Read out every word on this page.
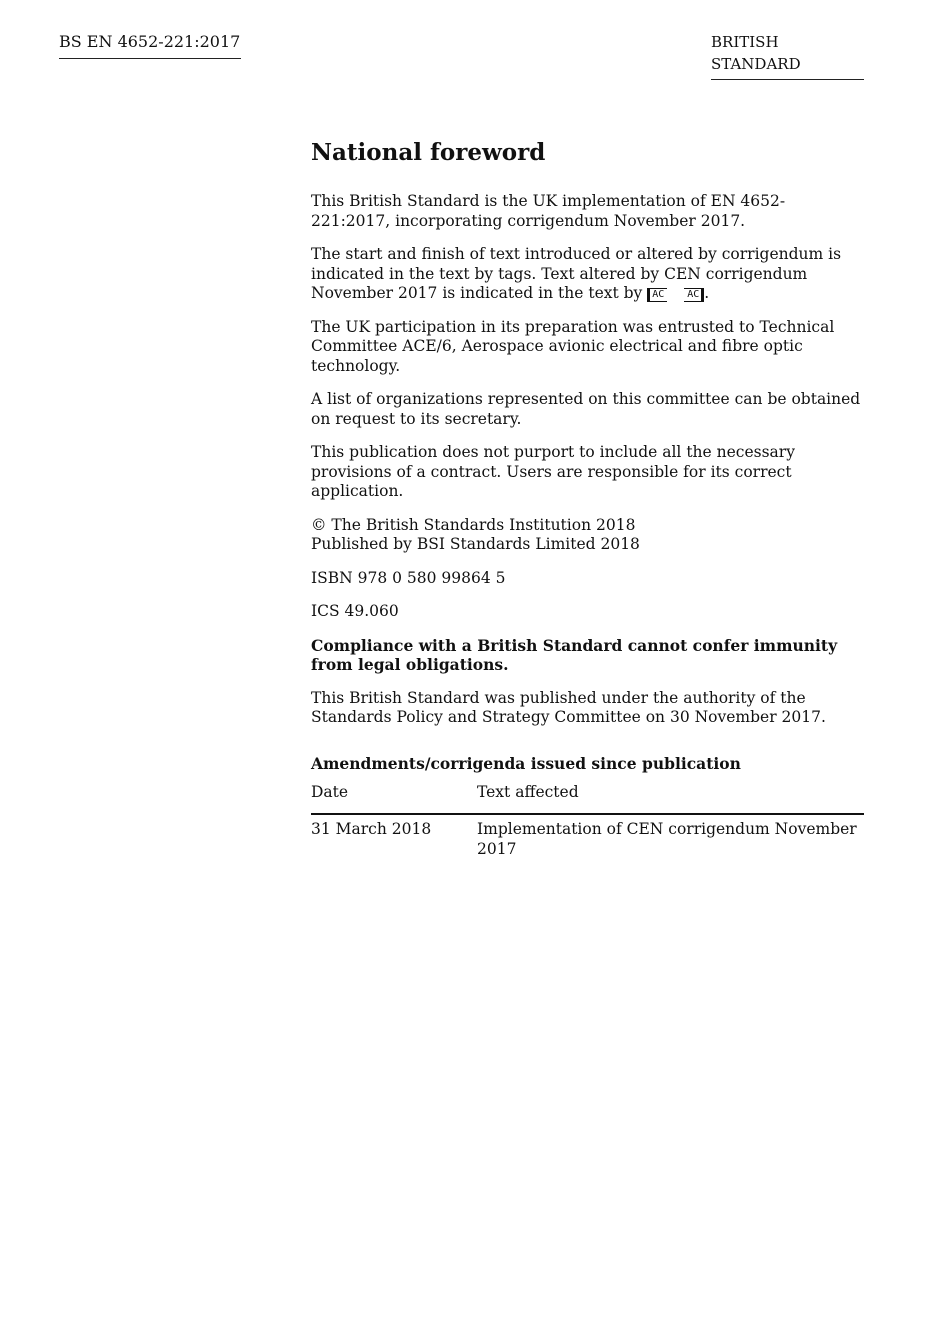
BS EN 4652-221:2017	BRITISH STANDARD
National foreword

This British Standard is the UK implementation of EN 4652-221:2017, incorporating corrigendum November 2017.

The start and finish of text introduced or altered by corrigendum is indicated in the text by tags. Text altered by CEN corrigendum November 2017 is indicated in the text by AC AC .

The UK participation in its preparation was entrusted to Technical Committee ACE/6, Aerospace avionic electrical and fibre optic technology.

A list of organizations represented on this committee can be obtained on request to its secretary.

This publication does not purport to include all the necessary provisions of a contract. Users are responsible for its correct application.

© The British Standards Institution 2018
Published by BSI Standards Limited 2018

ISBN 978 0 580 99864 5

ICS 49.060

Compliance with a British Standard cannot confer immunity from legal obligations.

This British Standard was published under the authority of the Standards Policy and Strategy Committee on 30 November 2017.

Amendments/corrigenda issued since publication
Date	Text affected
31 March 2018	Implementation of CEN corrigendum November 2017
